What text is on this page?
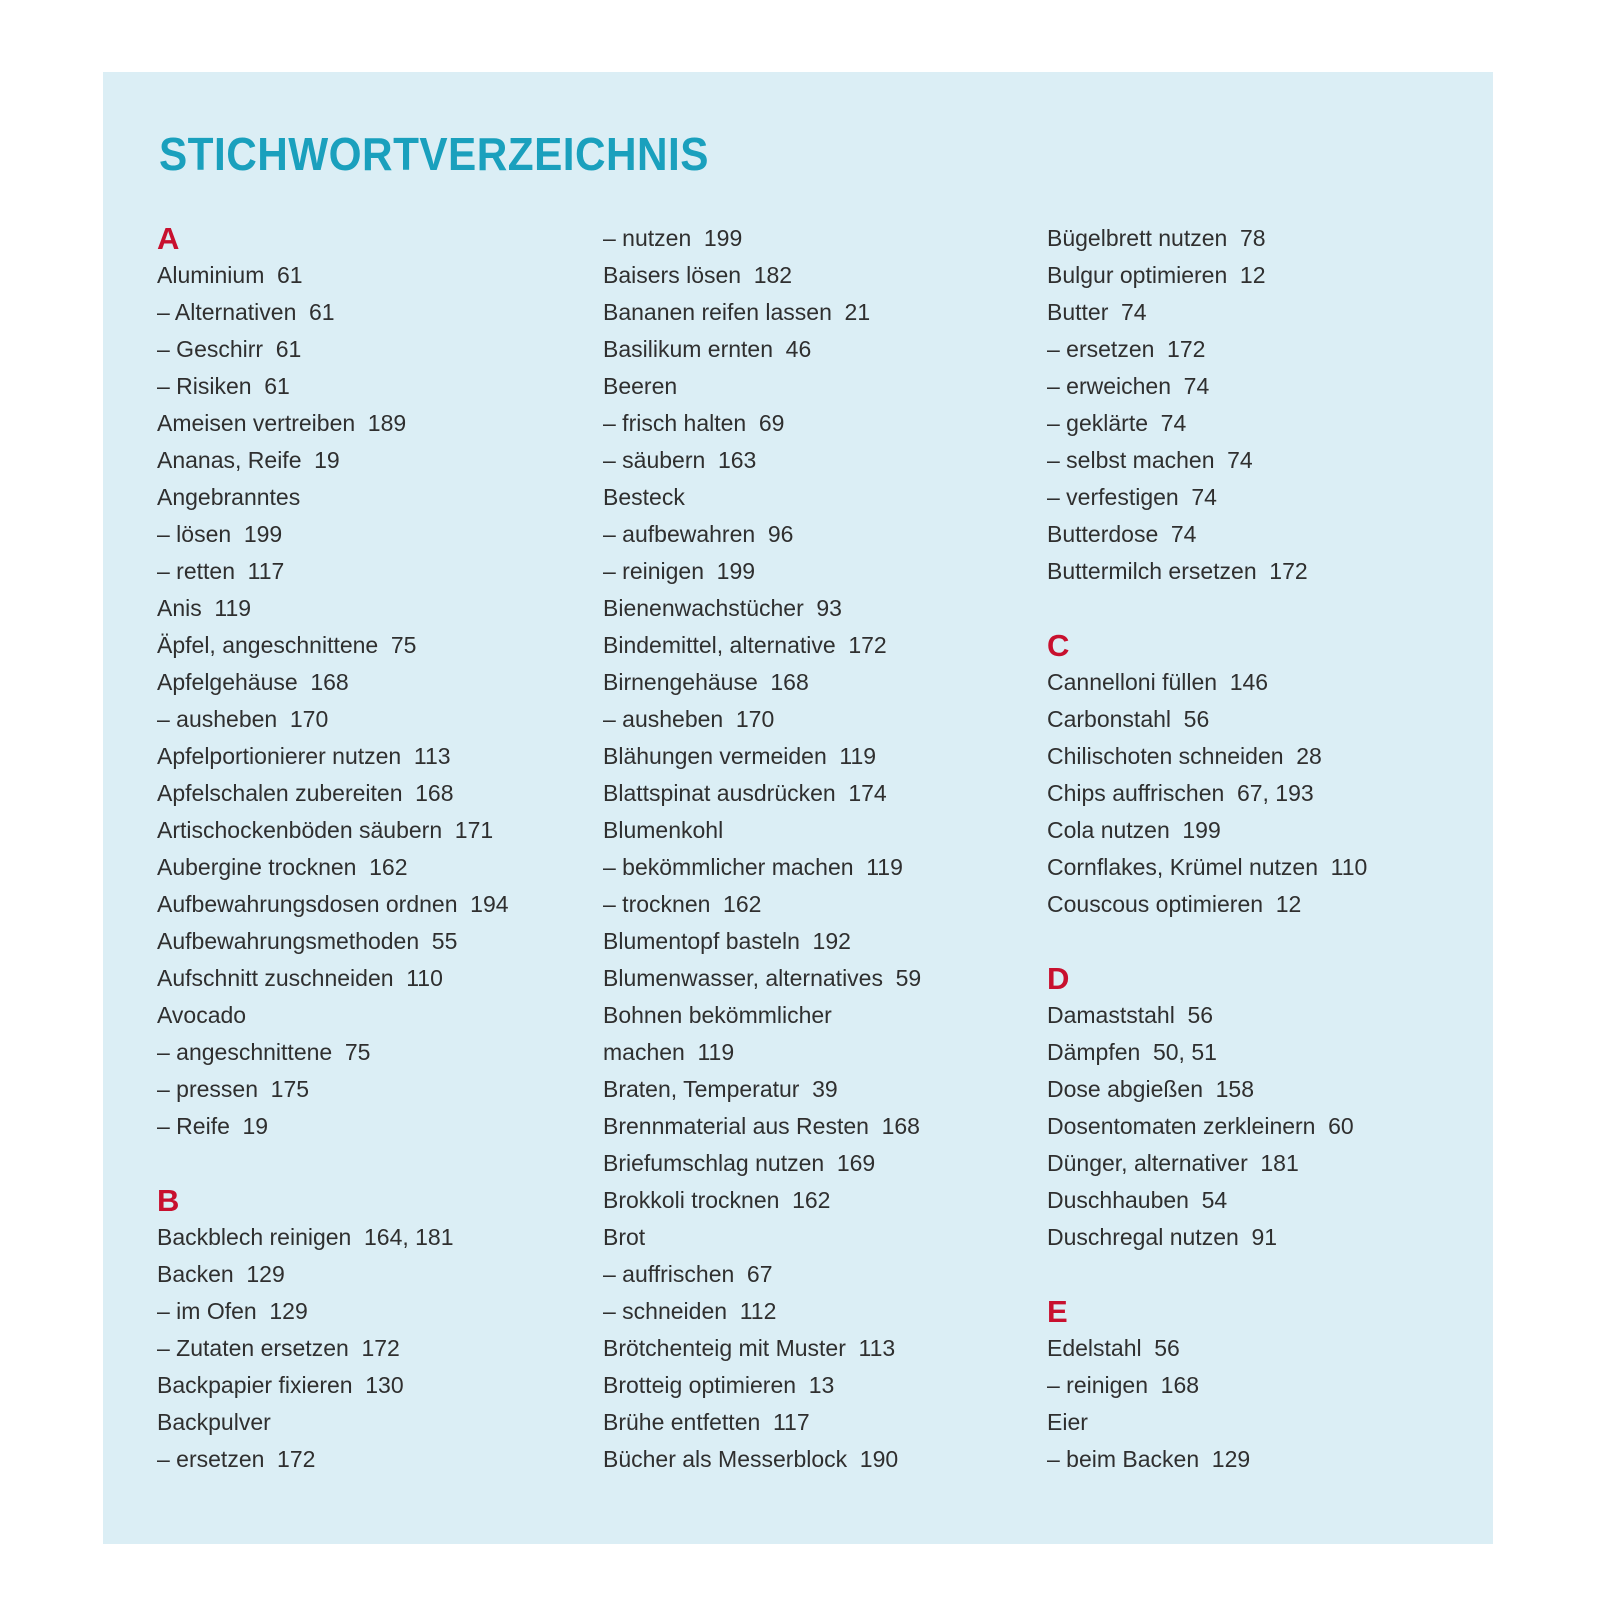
STICHWORTVERZEICHNIS
A
Aluminium 61
– Alternativen 61
– Geschirr 61
– Risiken 61
Ameisen vertreiben 189
Ananas, Reife 19
Angebranntes
– lösen 199
– retten 117
Anis 119
Äpfel, angeschnittene 75
Apfelgehäuse 168
– ausheben 170
Apfelportionierer nutzen 113
Apfelschalen zubereiten 168
Artischockenböden säubern 171
Aubergine trocknen 162
Aufbewahrungsdosen ordnen 194
Aufbewahrungsmethoden 55
Aufschnitt zuschneiden 110
Avocado
– angeschnittene 75
– pressen 175
– Reife 19
B
Backblech reinigen 164, 181
Backen 129
– im Ofen 129
– Zutaten ersetzen 172
Backpapier fixieren 130
Backpulver
– ersetzen 172
– nutzen 199
Baisers lösen 182
Bananen reifen lassen 21
Basilikum ernten 46
Beeren
– frisch halten 69
– säubern 163
Besteck
– aufbewahren 96
– reinigen 199
Bienenwachstücher 93
Bindemittel, alternative 172
Birnengehäuse 168
– ausheben 170
Blähungen vermeiden 119
Blattspinat ausdrücken 174
Blumenkohl
– bekömmlicher machen 119
– trocknen 162
Blumentopf basteln 192
Blumenwasser, alternatives 59
Bohnen bekömmlicher
machen 119
Braten, Temperatur 39
Brennmaterial aus Resten 168
Briefumschlag nutzen 169
Brokkoli trocknen 162
Brot
– auffrischen 67
– schneiden 112
Brötchenteig mit Muster 113
Brotteig optimieren 13
Brühe entfetten 117
Bücher als Messerblock 190
Bügelbrett nutzen 78
Bulgur optimieren 12
Butter 74
– ersetzen 172
– erweichen 74
– geklärte 74
– selbst machen 74
– verfestigen 74
Butterdose 74
Buttermilch ersetzen 172
C
Cannelloni füllen 146
Carbonstahl 56
Chilischoten schneiden 28
Chips auffrischen 67, 193
Cola nutzen 199
Cornflakes, Krümel nutzen 110
Couscous optimieren 12
D
Damaststahl 56
Dämpfen 50, 51
Dose abgießen 158
Dosentomaten zerkleinern 60
Dünger, alternativer 181
Duschhauben 54
Duschregal nutzen 91
E
Edelstahl 56
– reinigen 168
Eier
– beim Backen 129
